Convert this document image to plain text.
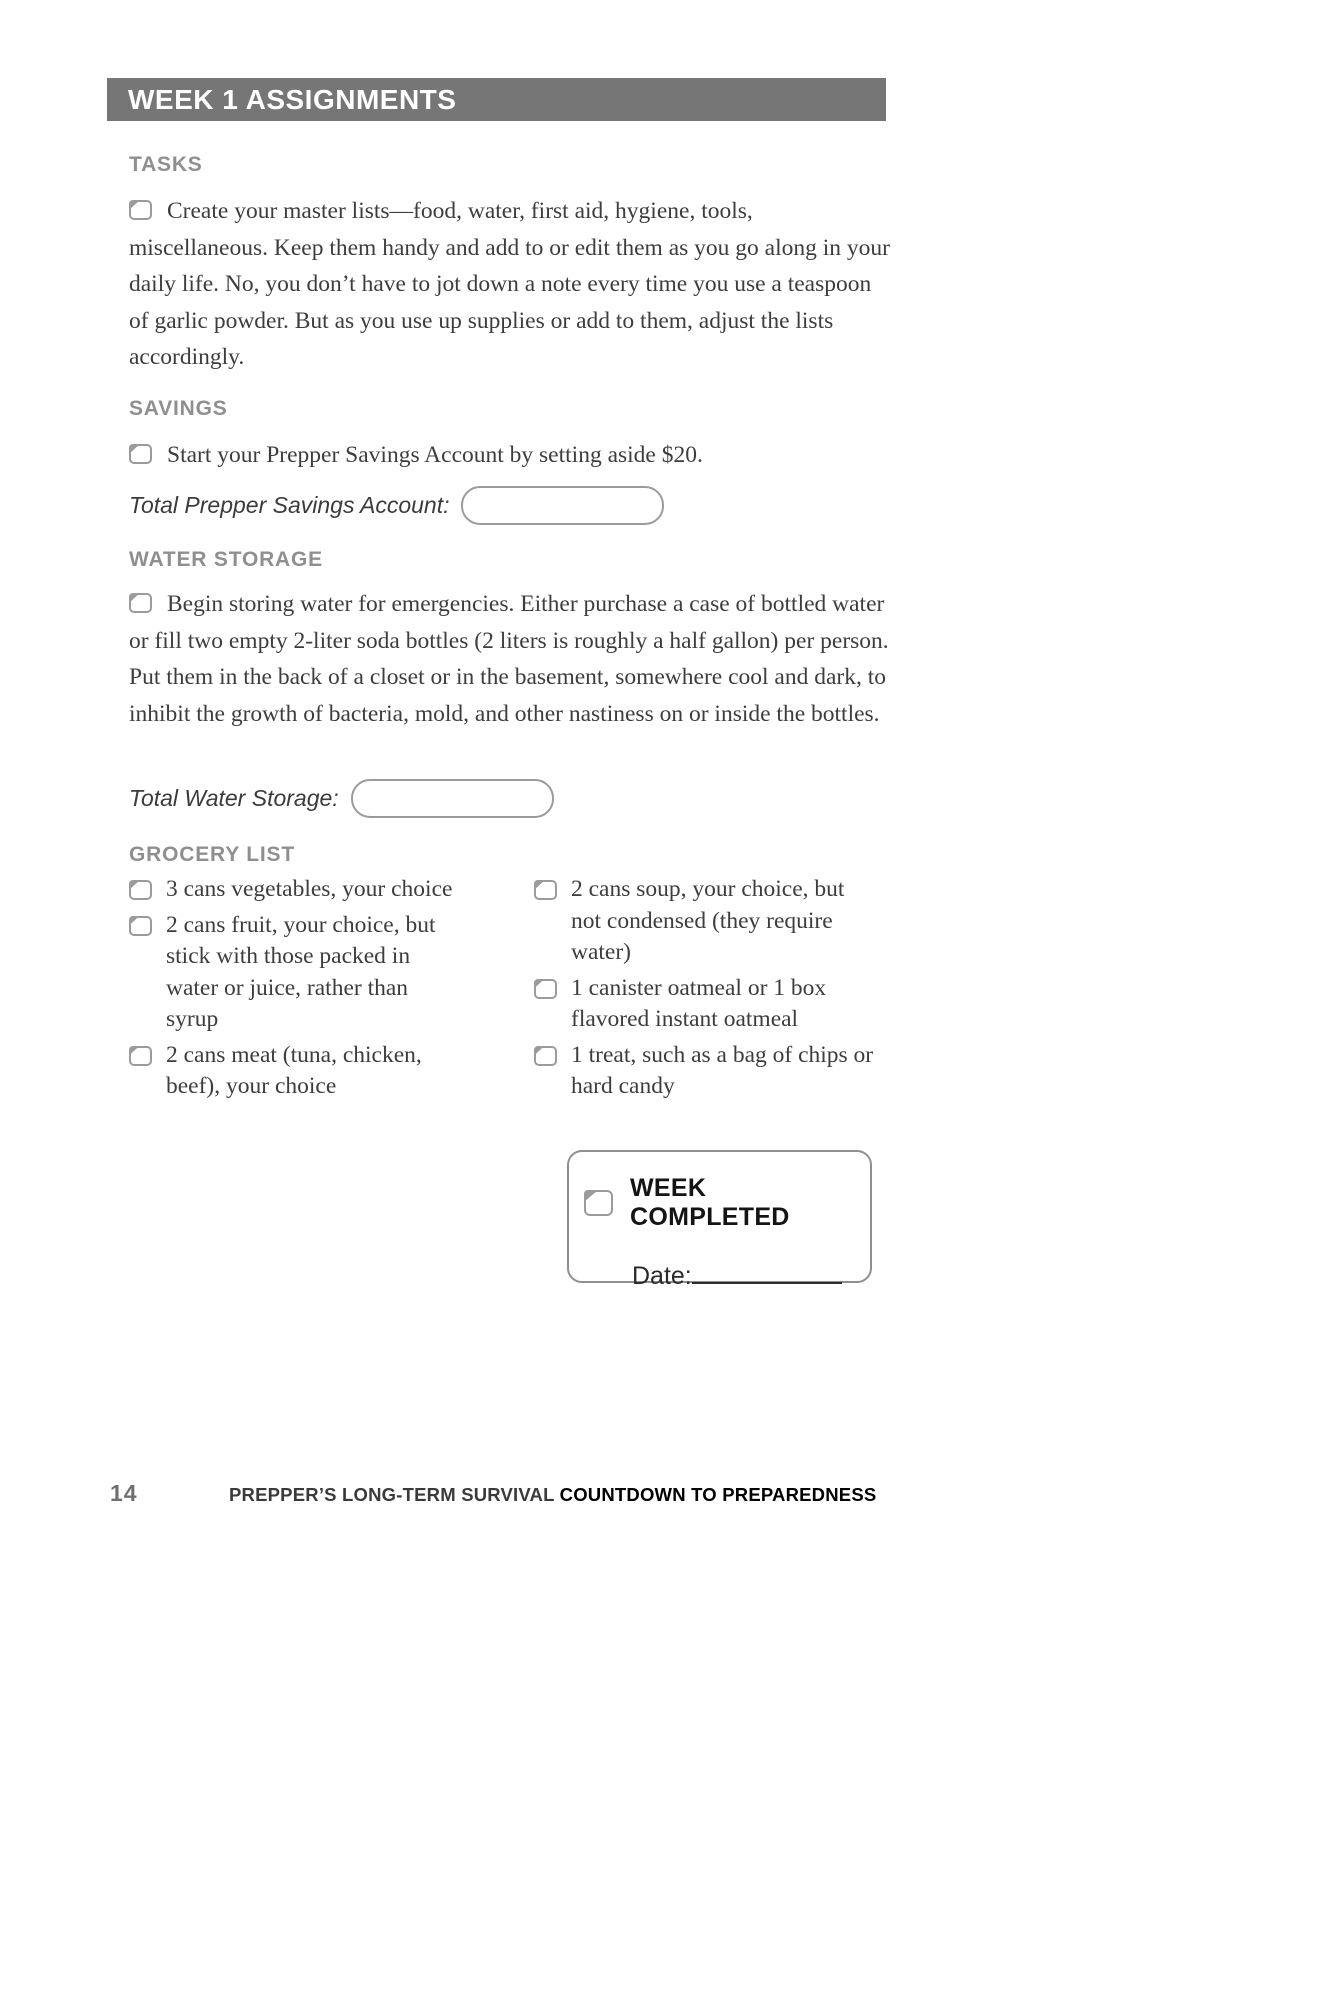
WEEK 1 ASSIGNMENTS
TASKS
Create your master lists—food, water, first aid, hygiene, tools, miscellaneous. Keep them handy and add to or edit them as you go along in your daily life. No, you don’t have to jot down a note every time you use a teaspoon of garlic powder. But as you use up supplies or add to them, adjust the lists accordingly.
SAVINGS
Start your Prepper Savings Account by setting aside $20.
Total Prepper Savings Account:
WATER STORAGE
Begin storing water for emergencies. Either purchase a case of bottled water or fill two empty 2-liter soda bottles (2 liters is roughly a half gallon) per person. Put them in the back of a closet or in the basement, somewhere cool and dark, to inhibit the growth of bacteria, mold, and other nastiness on or inside the bottles.
Total Water Storage:
GROCERY LIST
3 cans vegetables, your choice
2 cans fruit, your choice, but stick with those packed in water or juice, rather than syrup
2 cans meat (tuna, chicken, beef), your choice
2 cans soup, your choice, but not condensed (they require water)
1 canister oatmeal or 1 box flavored instant oatmeal
1 treat, such as a bag of chips or hard candy
WEEK COMPLETED
Date:
14	PREPPER’S LONG-TERM SURVIVAL COUNTDOWN TO PREPAREDNESS
